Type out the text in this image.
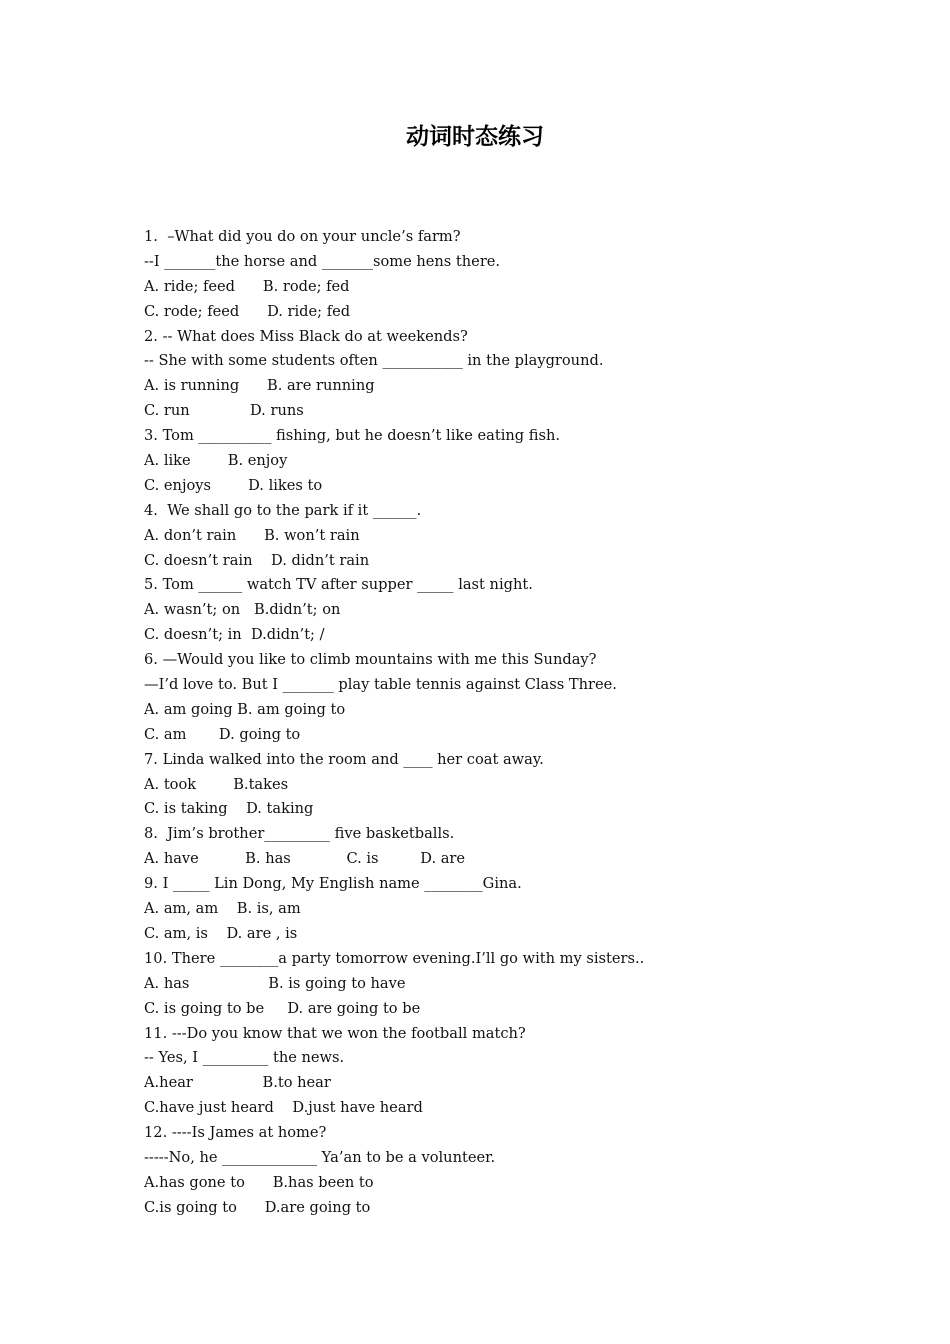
动词时态练习
1.  –What did you do on your uncle’s farm?
--I _______the horse and _______some hens there.
A. ride; feed      B. rode; fed
C. rode; feed      D. ride; fed
2. -- What does Miss Black do at weekends?
-- She with some students often ___________ in the playground.
A. is running      B. are running
C. run             D. runs
3. Tom __________ fishing, but he doesn’t like eating fish.
A. like        B. enjoy
C. enjoys        D. likes to
4.  We shall go to the park if it ______.
A. don’t rain      B. won’t rain
C. doesn’t rain    D. didn’t rain
5. Tom ______ watch TV after supper _____ last night.
A. wasn’t; on   B.didn’t; on
C. doesn’t; in  D.didn’t; /
6. —Would you like to climb mountains with me this Sunday?
—I’d love to. But I _______ play table tennis against Class Three.
A. am going B. am going to
C. am       D. going to
7. Linda walked into the room and ____ her coat away.
A. took        B.takes
C. is taking    D. taking
8.  Jim’s brother_________ five basketballs.
A. have          B. has            C. is         D. are
9. I _____ Lin Dong, My English name ________Gina.
A. am, am    B. is, am
C. am, is    D. are , is
10. There ________a party tomorrow evening.I’ll go with my sisters..
A. has                 B. is going to have
C. is going to be     D. are going to be
11. ---Do you know that we won the football match?
-- Yes, I _________ the news.
A.hear               B.to hear
C.have just heard    D.just have heard
12. ----Is James at home?
-----No, he _____________ Ya’an to be a volunteer.
A.has gone to      B.has been to
C.is going to      D.are going to
